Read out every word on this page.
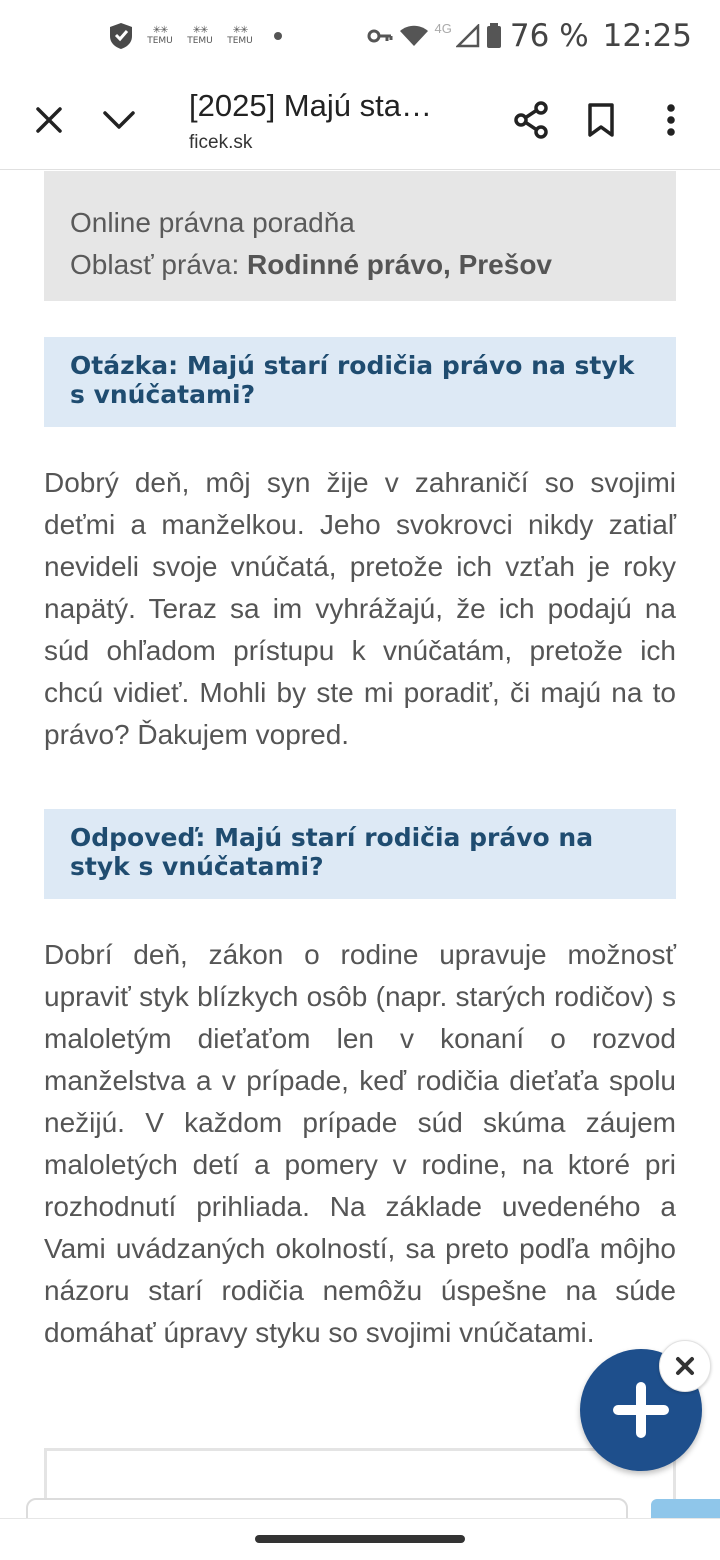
✳✳
TEMU
✳✳
TEMU
✳✳
TEMU
4G 76 % 12:25
[2025] Majú sta…
ficek.sk
Online právna poradňa
Oblasť práva: Rodinné právo, Prešov
Otázka: Majú starí rodičia právo na styk s vnúčatami?
Dobrý deň, môj syn žije v zahraničí so svojimi deťmi a manželkou. Jeho svokrovci nikdy zatiaľ nevideli svoje vnúčatá, pretože ich vzťah je roky napätý. Teraz sa im vyhrážajú, že ich podajú na súd ohľadom prístupu k vnúčatám, pretože ich chcú vidieť. Mohli by ste mi poradiť, či majú na to právo? Ďakujem vopred.
Odpoveď: Majú starí rodičia právo na styk s vnúčatami?
Dobrí deň, zákon o rodine upravuje možnosť upraviť styk blízkych osôb (napr. starých rodičov) s maloletým dieťaťom len v konaní o rozvod manželstva a v prípade, keď rodičia dieťaťa spolu nežijú. V každom prípade súd skúma záujem maloletých detí a pomery v rodine, na ktoré pri rozhodnutí prihliada. Na základe uvedeného a Vami uvádzaných okolností, sa preto podľa môjho názoru starí rodičia nemôžu úspešne na súde domáhať úpravy styku so svojimi vnúčatami.
